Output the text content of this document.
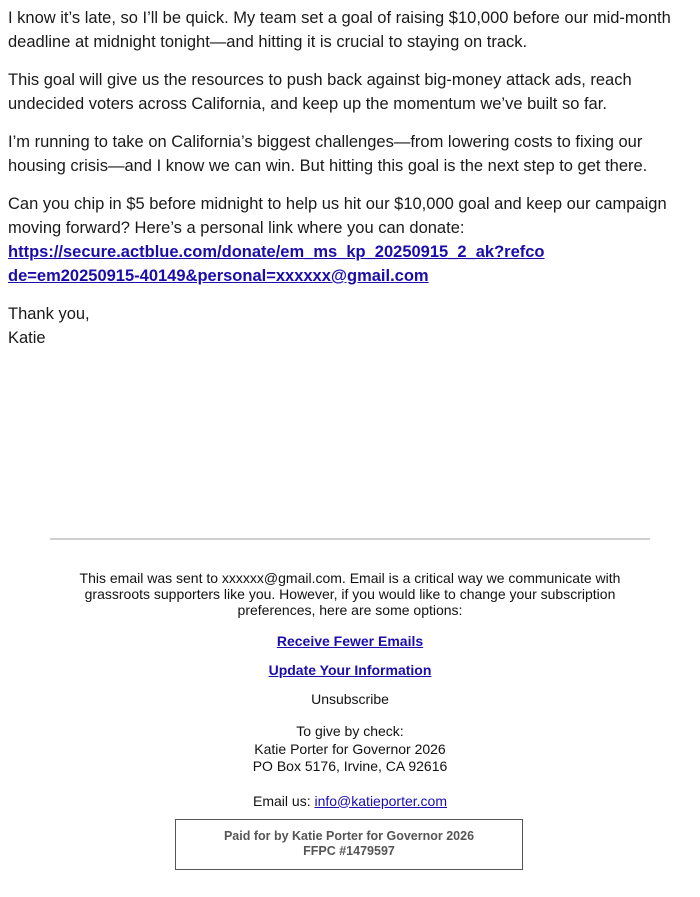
I know it’s late, so I’ll be quick. My team set a goal of raising $10,000 before our mid-month deadline at midnight tonight—and hitting it is crucial to staying on track.

This goal will give us the resources to push back against big-money attack ads, reach undecided voters across California, and keep up the momentum we’ve built so far.

I’m running to take on California’s biggest challenges—from lowering costs to fixing our housing crisis—and I know we can win. But hitting this goal is the next step to get there.

Can you chip in $5 before midnight to help us hit our $10,000 goal and keep our campaign moving forward? Here’s a personal link where you can donate:
https://secure.actblue.com/donate/em_ms_kp_20250915_2_ak?refcode=em20250915-40149&personal=xxxxxx@gmail.com

Thank you,
Katie

This email was sent to xxxxxx@gmail.com. Email is a critical way we communicate with grassroots supporters like you. However, if you would like to change your subscription preferences, here are some options:
Receive Fewer Emails
Update Your Information
Unsubscribe
To give by check:
Katie Porter for Governor 2026
PO Box 5176, Irvine, CA 92616
Email us: info@katieporter.com
Paid for by Katie Porter for Governor 2026
FFPC #1479597
